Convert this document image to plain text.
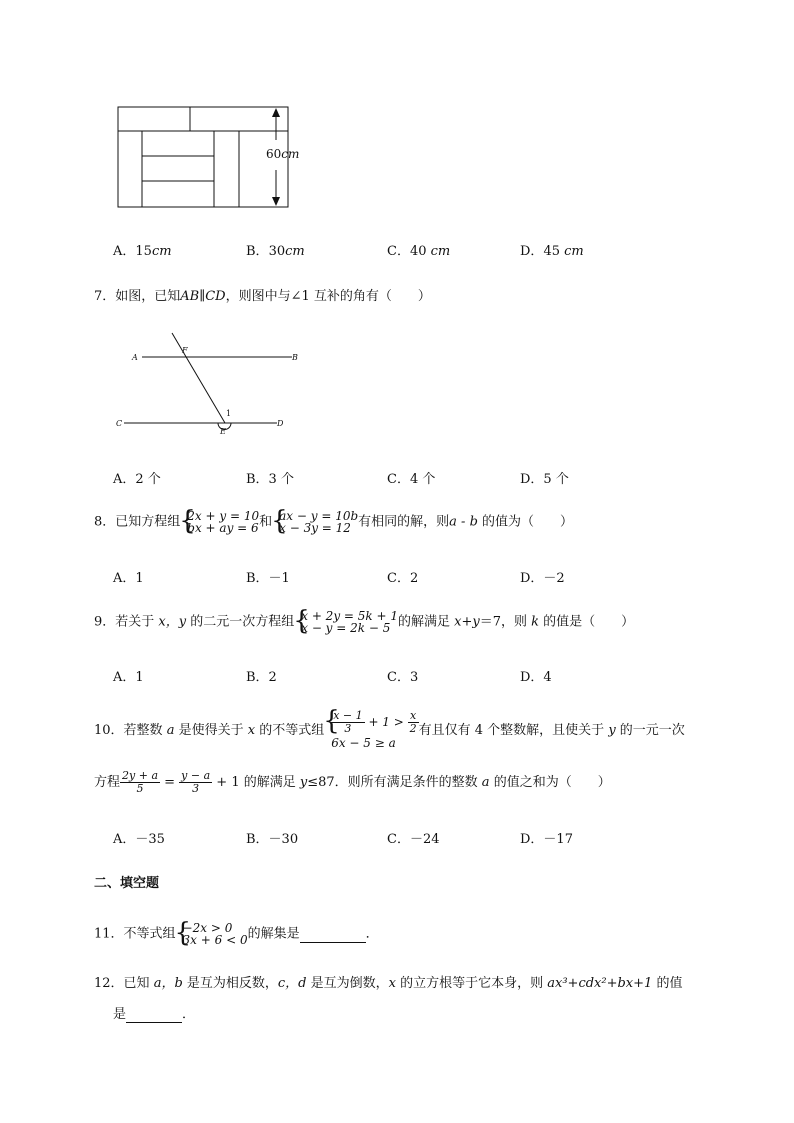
60cm
A．15cm	B．30cm	C．40 cm	D．45 cm
7．如图，已知AB∥CD，则图中与∠1 互补的角有（　　）
A	B
C	D
E
F
1
A．2 个	B．3 个	C．4 个	D．5 个
8．已知方程组 { 2x + y = 10
bx + ay = 6 和 { ax − y = 10b
x − 3y = 12 有相同的解，则a - b 的值为（　　）
A．1	B．－1	C．2	D．－2
9．若关于 x，y 的二元一次方程组 { x + 2y = 5k + 1
x − y = 2k − 5 的解满足 x+y＝7，则 k 的值是（　　）
A．1	B．2	C．3	D．4
10．若整数 a 是使得关于 x 的不等式组 { $\frac{x - 1}{3} + 1 > \frac{x}{2}$
6x − 5 ≥ a
有且仅有 4 个整数解，且使关于 y 的一元一次
方程 $\frac{2y + a}{5} = \frac{y - a}{3} + 1$ 的解满足 y≤87．则所有满足条件的整数 a 的值之和为（　　）
A．－35	B．－30	C．－24	D．－17
二、填空题
11．不等式组 { −2x > 0
3x + 6 < 0 的解集是	．
12．已知 a，b 是互为相反数，c，d 是互为倒数，x 的立方根等于它本身，则 ax³+cdx²+bx+1 的值
是	．
